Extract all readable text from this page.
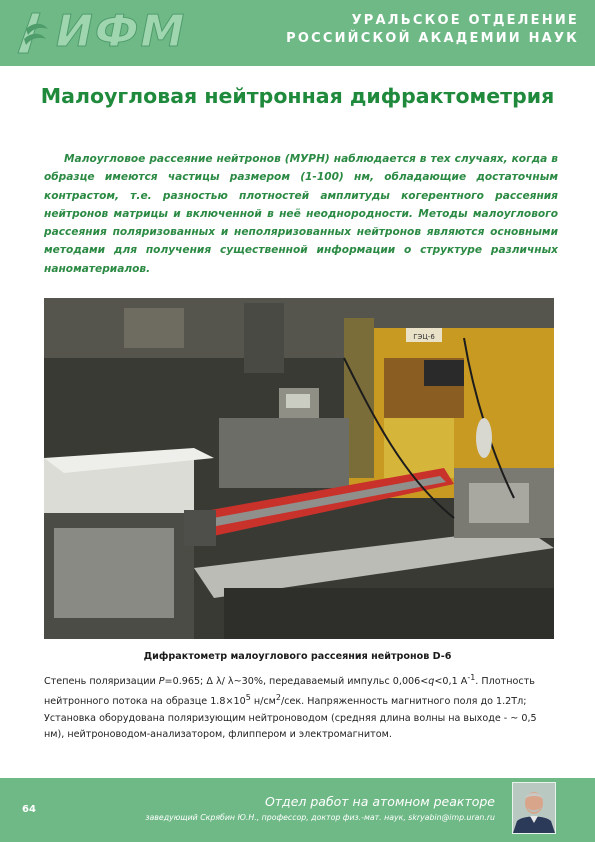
ИФМ	УРАЛЬСКОЕ ОТДЕЛЕНИЕ
РОССИЙСКОЙ АКАДЕМИИ НАУК
Малоугловая нейтронная дифрактометрия

Малоугловое рассеяние нейтронов (МУРН) наблюдается в тех случаях, когда в образце имеются частицы размером (1-100) нм, обладающие достаточным контрастом, т.е. разностью плотностей амплитуды когерентного рассеяния нейтронов матрицы и включенной в неё неоднородности. Методы малоуглового рассеяния поляризованных и неполяризованных нейтронов являются основными методами для получения существенной информации о структуре различных наноматериалов.

ГЭЦ-6
Дифрактометр малоуглового рассеяния нейтронов D-6

Степень поляризации P=0.965; Δ λ/ λ~30%, передаваемый импульс 0,006<q<0,1 $A^{-1}$. Плотность нейтронного потока на образце $1.8\times 10^5$ $н/см^2$/сек. Напряженность магнитного поля до 1.2Тл;

Установка оборудована поляризующим нейтроноводом (средняя длина волны на выходе - ~ 0,5 нм), нейтроноводом-анализатором, флиппером и электромагнитом.

64
Отдел работ на атомном реакторе
заведующий Скрябин Ю.Н., профессор, доктор физ.-мат. наук, skryabin@imp.uran.ru
